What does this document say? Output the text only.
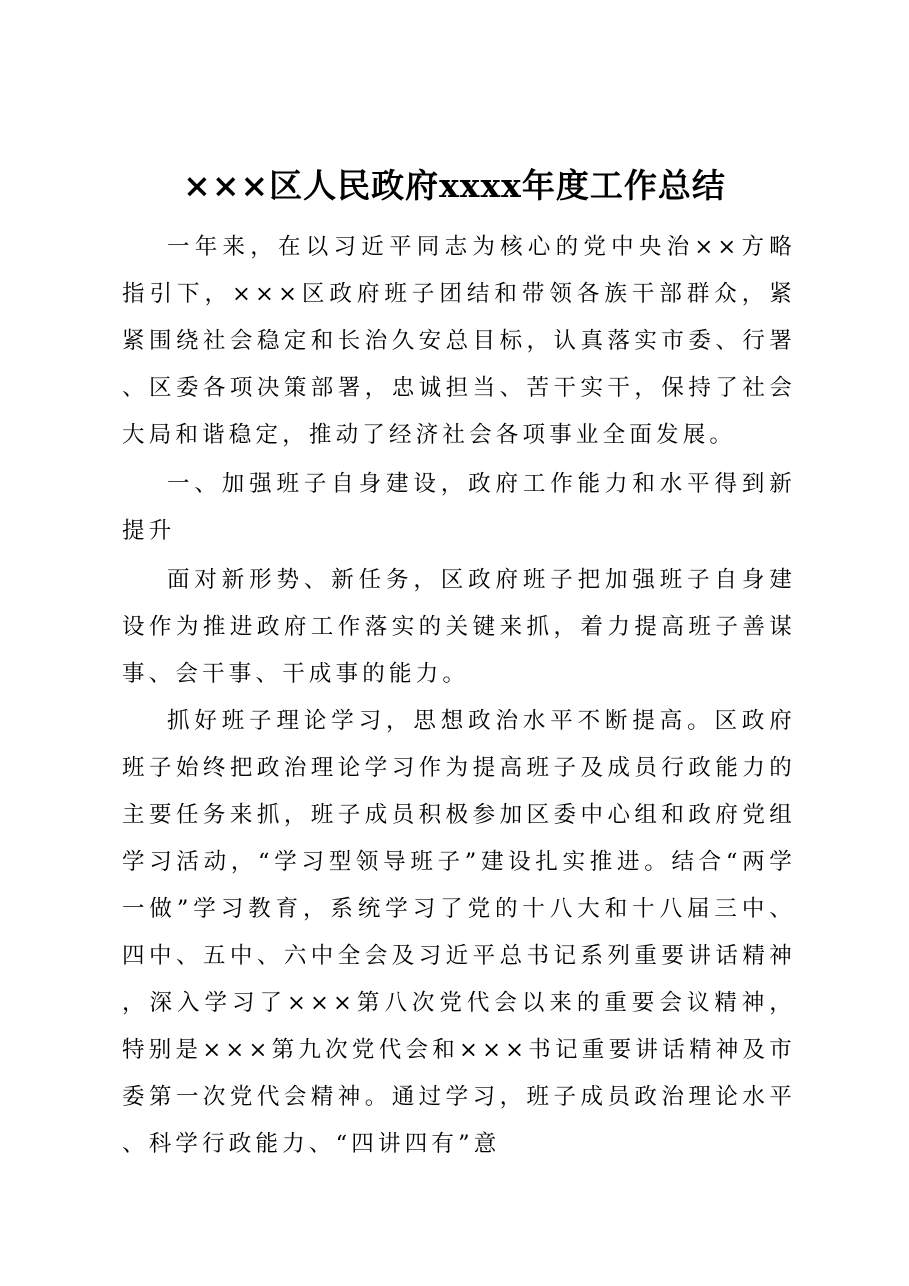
×××区人民政府xxxx年度工作总结

一年来，在以习近平同志为核心的党中央治××方略指引下，×××区政府班子团结和带领各族干部群众，紧紧围绕社会稳定和长治久安总目标，认真落实市委、行署、区委各项决策部署，忠诚担当、苦干实干，保持了社会大局和谐稳定，推动了经济社会各项事业全面发展。

一、加强班子自身建设，政府工作能力和水平得到新提升

面对新形势、新任务，区政府班子把加强班子自身建设作为推进政府工作落实的关键来抓，着力提高班子善谋事、会干事、干成事的能力。

抓好班子理论学习，思想政治水平不断提高。区政府班子始终把政治理论学习作为提高班子及成员行政能力的主要任务来抓，班子成员积极参加区委中心组和政府党组学习活动，“学习型领导班子”建设扎实推进。结合“两学一做”学习教育，系统学习了党的十八大和十八届三中、四中、五中、六中全会及习近平总书记系列重要讲话精神，深入学习了×××第八次党代会以来的重要会议精神，特别是×××第九次党代会和×××书记重要讲话精神及市委第一次党代会精神。通过学习，班子成员政治理论水平、科学行政能力、“四讲四有”意
